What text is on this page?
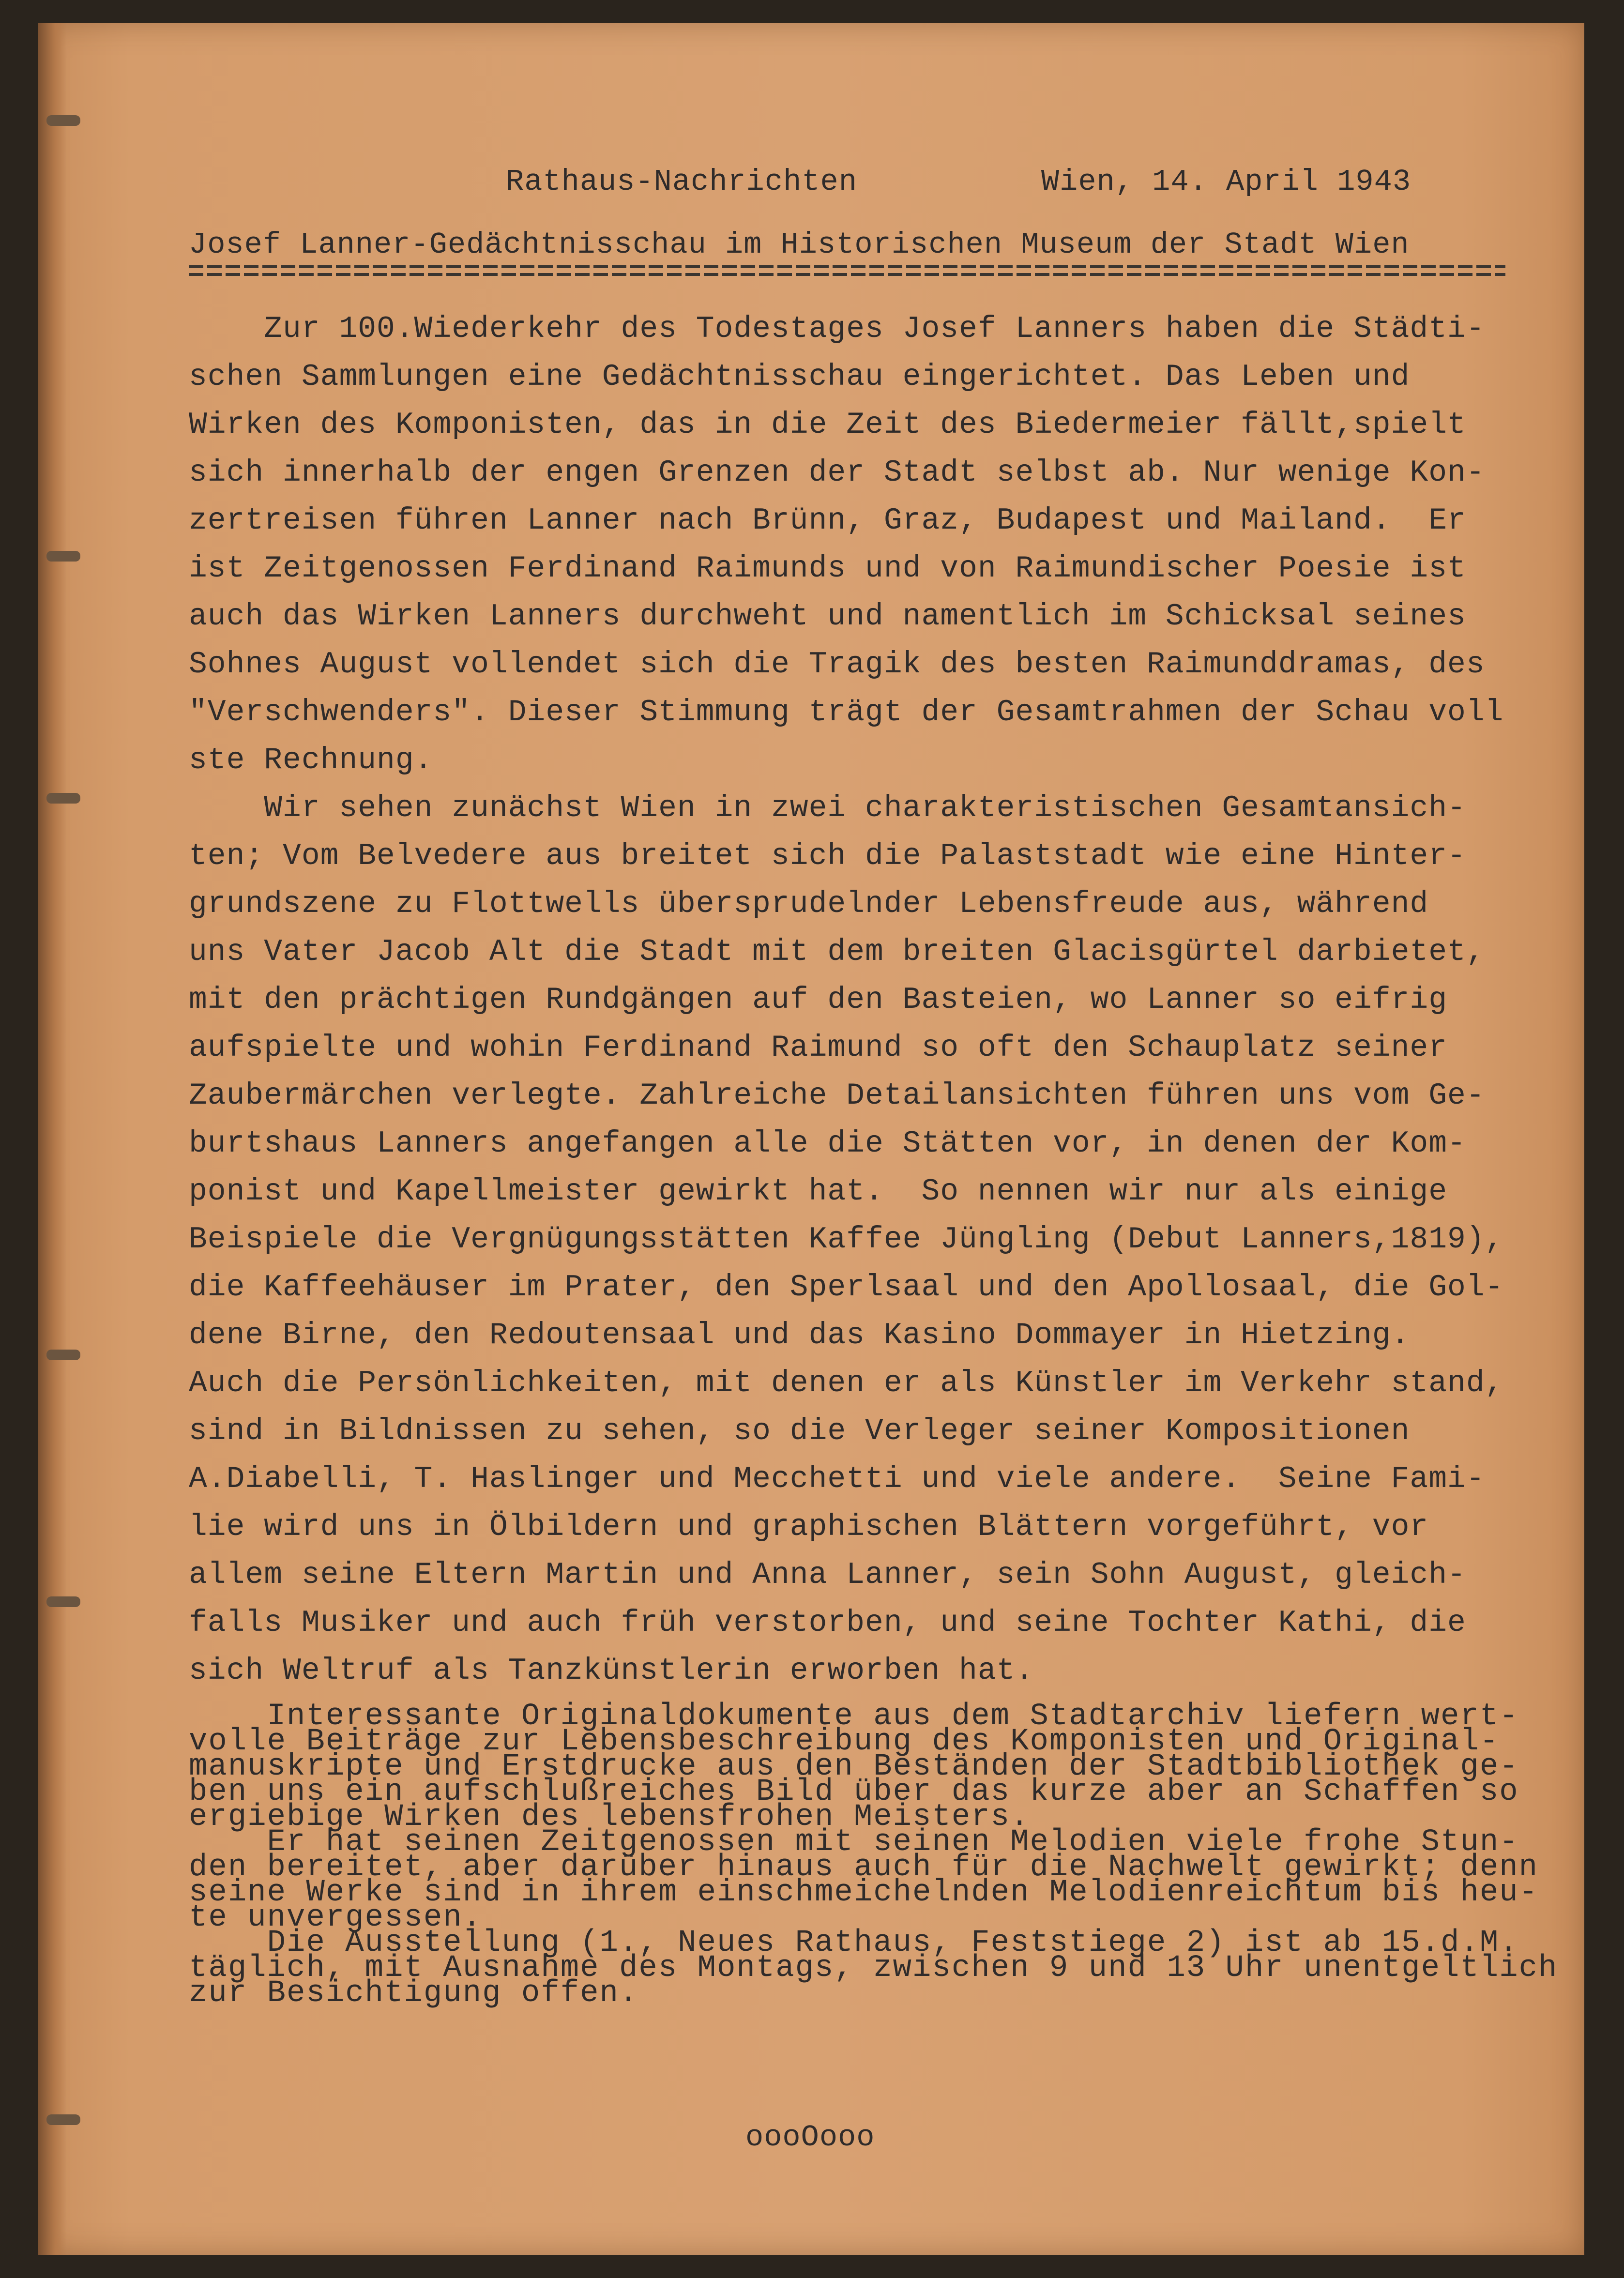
Rathaus-Nachrichten	Wien, 14. April 1943
Josef Lanner-Gedächtnisschau im Historischen Museum der Stadt Wien
Zur 100.Wiederkehr des Todestages Josef Lanners haben die Städti-
schen Sammlungen eine Gedächtnisschau eingerichtet. Das Leben und
Wirken des Komponisten, das in die Zeit des Biedermeier fällt,spielt
sich innerhalb der engen Grenzen der Stadt selbst ab. Nur wenige Kon-
zertreisen führen Lanner nach Brünn, Graz, Budapest und Mailand.  Er
ist Zeitgenossen Ferdinand Raimunds und von Raimundischer Poesie ist
auch das Wirken Lanners durchweht und namentlich im Schicksal seines
Sohnes August vollendet sich die Tragik des besten Raimunddramas, des
"Verschwenders". Dieser Stimmung trägt der Gesamtrahmen der Schau voll
ste Rechnung.
Wir sehen zunächst Wien in zwei charakteristischen Gesamtansich-
ten; Vom Belvedere aus breitet sich die Palaststadt wie eine Hinter-
grundszene zu Flottwells übersprudelnder Lebensfreude aus, während
uns Vater Jacob Alt die Stadt mit dem breiten Glacisgürtel darbietet,
mit den prächtigen Rundgängen auf den Basteien, wo Lanner so eifrig
aufspielte und wohin Ferdinand Raimund so oft den Schauplatz seiner
Zaubermärchen verlegte. Zahlreiche Detailansichten führen uns vom Ge-
burtshaus Lanners angefangen alle die Stätten vor, in denen der Kom-
ponist und Kapellmeister gewirkt hat.  So nennen wir nur als einige
Beispiele die Vergnügungsstätten Kaffee Jüngling (Debut Lanners,1819),
die Kaffeehäuser im Prater, den Sperlsaal und den Apollosaal, die Gol-
dene Birne, den Redoutensaal und das Kasino Dommayer in Hietzing.
Auch die Persönlichkeiten, mit denen er als Künstler im Verkehr stand,
sind in Bildnissen zu sehen, so die Verleger seiner Kompositionen
A.Diabelli, T. Haslinger und Mecchetti und viele andere.  Seine Fami-
lie wird uns in Ölbildern und graphischen Blättern vorgeführt, vor
allem seine Eltern Martin und Anna Lanner, sein Sohn August, gleich-
falls Musiker und auch früh verstorben, und seine Tochter Kathi, die
sich Weltruf als Tanzkünstlerin erworben hat.
Interessante Originaldokumente aus dem Stadtarchiv liefern wert-
volle Beiträge zur Lebensbeschreibung des Komponisten und Original-
manuskripte und Erstdrucke aus den Beständen der Stadtbibliothek ge-
ben uns ein aufschlußreiches Bild über das kurze aber an Schaffen so
ergiebige Wirken des lebensfrohen Meisters.
Er hat seinen Zeitgenossen mit seinen Melodien viele frohe Stun-
den bereitet, aber darüber hinaus auch für die Nachwelt gewirkt; denn
seine Werke sind in ihrem einschmeichelnden Melodienreichtum bis heu-
te unvergessen.
Die Ausstellung (1., Neues Rathaus, Feststiege 2) ist ab 15.d.M.
täglich, mit Ausnahme des Montags, zwischen 9 und 13 Uhr unentgeltlich
zur Besichtigung offen.
oooOooo
